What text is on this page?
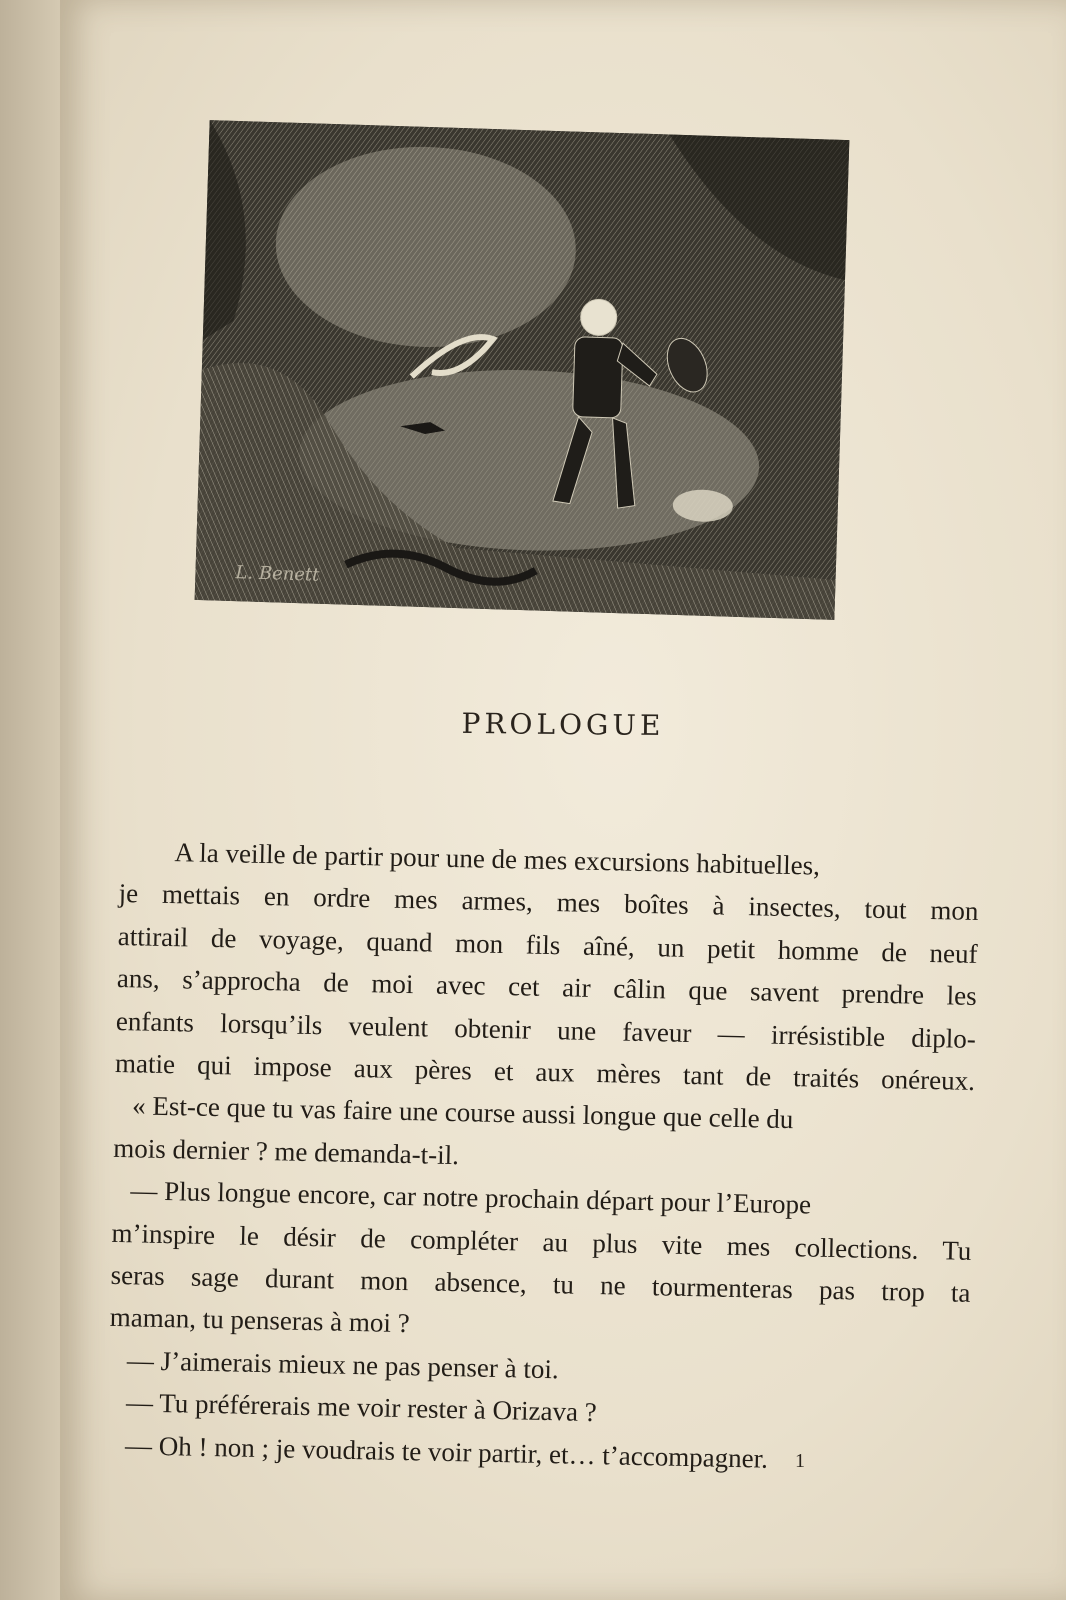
L. Benett
PROLOGUE
A la veille de partir pour une de mes excursions habituelles,
je mettais en ordre mes armes, mes boîtes à insectes, tout mon
attirail de voyage, quand mon fils aîné, un petit homme de neuf
ans, s’approcha de moi avec cet air câlin que savent prendre les
enfants lorsqu’ils veulent obtenir une faveur — irrésistible diplo-
matie qui impose aux pères et aux mères tant de traités onéreux.
« Est-ce que tu vas faire une course aussi longue que celle du
mois dernier ? me demanda-t-il.
— Plus longue encore, car notre prochain départ pour l’Europe
m’inspire le désir de compléter au plus vite mes collections. Tu
seras sage durant mon absence, tu ne tourmenteras pas trop ta
maman, tu penseras à moi ?
— J’aimerais mieux ne pas penser à toi.
— Tu préférerais me voir rester à Orizava ?
— Oh ! non ; je voudrais te voir partir, et… t’accompagner.	1
